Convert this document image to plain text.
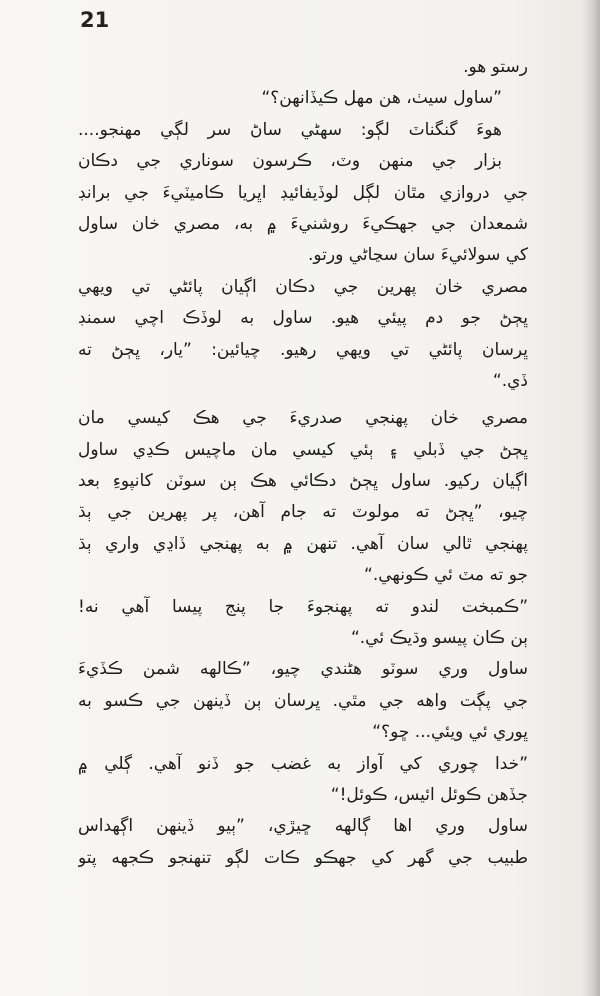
21
رستو هو.
”ساول سيٺ، هن مهل ڪيڏانهن؟“
هوءَ گنگناٽ لڳو: سهڻي ساڻ سر لڳي مهنجو....
بزار جي منهن وٽ، ڪرسون سوناري جي دڪان
جي دروازي مٿان لڳل لوڏيفائيڊ اڀريا ڪاميٽيءَ جي برانڊ
شمعدان جي جهڪيءَ روشنيءَ ۾ به، مصري خان ساول
کي سولائيءَ سان سڃاڻي ورتو.
مصري خان پهرين جي دڪان اڳيان پائڻي تي ويهي
ڀڄڻ جو دم پيئي هيو. ساول به لوڏڪ اچي سمنڊ
ڀرسان پائڻي تي ويهي رهيو. چيائين: ”يار، ڀڄڻ ته
ڏي.“
مصري خان پهنجي صدريءَ جي هڪ کيسي مان
ڀڄڻ جي ڏبلي ۽ ٻئي کيسي مان ماچيس ڪڍي ساول
اڳيان رکيو. ساول ڀڄڻ دڪائي هڪ ٻن سوٽن کانپوءِ بعد
چيو، ”ڀڄڻ ته مولوٽ ته جام آهن، پر پهرين جي ٻڌ
پهنجي ٿالي سان آهي. تنهن ۾ به پهنجي ڏاڍي واري ٻڌ
جو ته مٽ ئي ڪونهي.“
”ڪمبخت لندو ته پهنجوءَ جا پنج پيسا آهي نه!
ٻن ڪان پيسو وڌيڪ ئي.“
ساول وري سوٽو هڻندي چيو، ”ڪالهه شمن ڪڏيءَ
جي پڳت واهه جي مٿي. ڀرسان ٻن ڏينهن جي ڪسو به
ڀوري ئي ويئي... ڇو؟“
”خدا چوري کي آواز به غضب جو ڏنو آهي. ڳلي ۾
جڏهن ڪوئل ائيس، ڪوئل!“
ساول وري اها ڳالهه ڇيڙي، ”ٻيو ڏينهن اڳهداس
طبيب جي گهر کي جهڪو ڪات لڳو تنهنجو ڪجهه پتو
